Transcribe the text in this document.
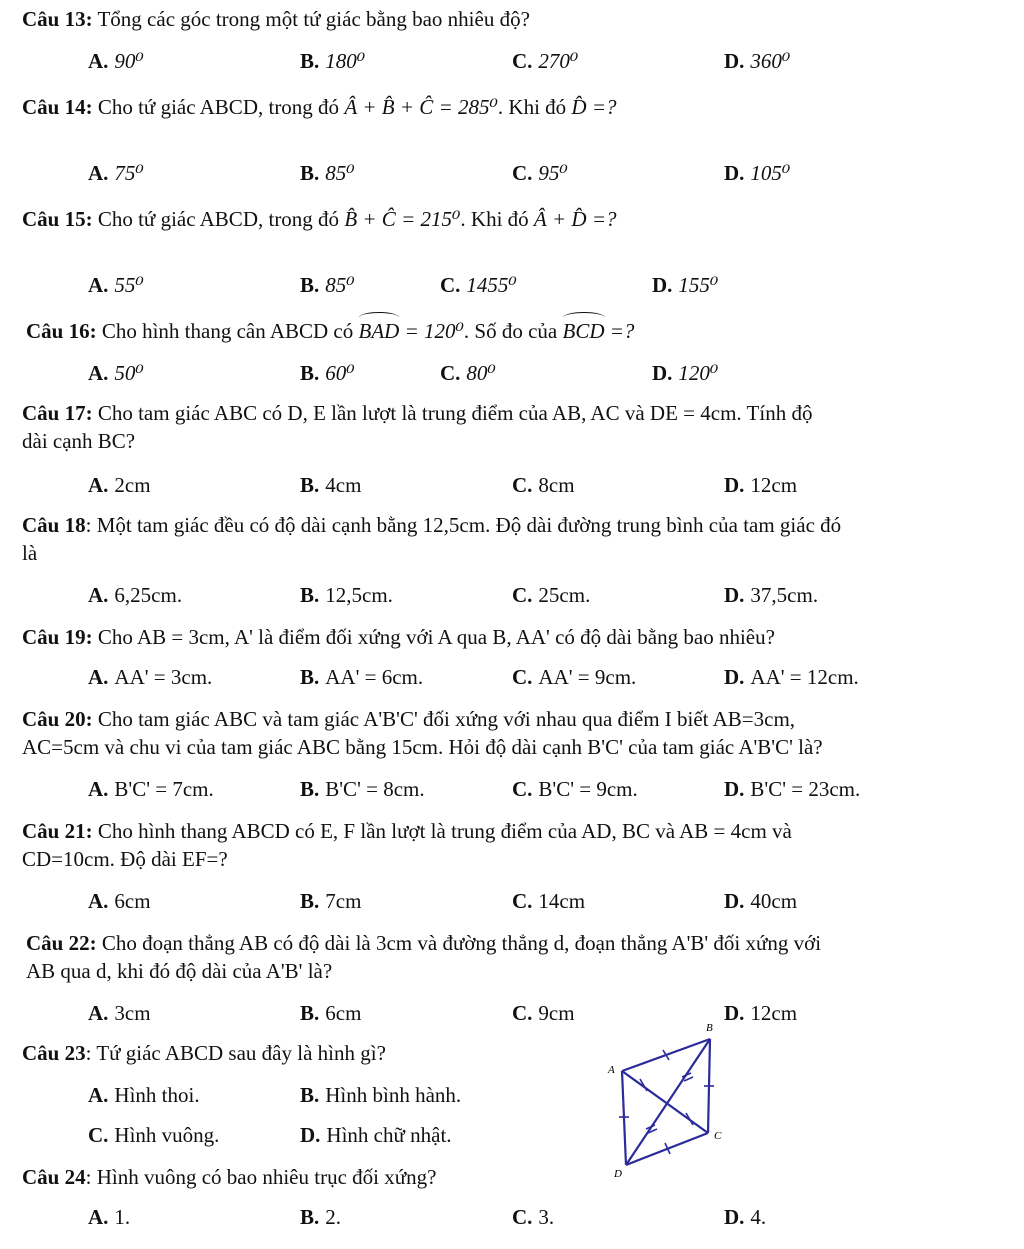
Câu 13: Tổng các góc trong một tứ giác bằng bao nhiêu độ?
A. 90⁰	B. 180⁰	C. 270⁰	D. 360⁰
Câu 14: Cho tứ giác ABCD, trong đó Â + B̂ + Ĉ = 285⁰. Khi đó D̂ =?
A. 75⁰	B. 85⁰	C. 95⁰	D. 105⁰
Câu 15: Cho tứ giác ABCD, trong đó B̂ + Ĉ = 215⁰. Khi đó Â + D̂ =?
A. 55⁰	B. 85⁰	C. 1455⁰	D. 155⁰
Câu 16: Cho hình thang cân ABCD có BAD = 120⁰. Số đo của BCD =?
A. 50⁰	B. 60⁰	C. 80⁰	D. 120⁰
Câu 17: Cho tam giác ABC có D, E lần lượt là trung điểm của AB, AC và DE = 4cm. Tính độ
dài cạnh BC?
A. 2cm	B. 4cm	C. 8cm	D. 12cm
Câu 18: Một tam giác đều có độ dài cạnh bằng 12,5cm. Độ dài đường trung bình của tam giác đó
là
A. 6,25cm.	B. 12,5cm.	C. 25cm.	D. 37,5cm.
Câu 19: Cho AB = 3cm, A' là điểm đối xứng với A qua B, AA' có độ dài bằng bao nhiêu?
A. AA' = 3cm.	B. AA' = 6cm.	C. AA' = 9cm.	D. AA' = 12cm.
Câu 20: Cho tam giác ABC và tam giác A'B'C' đối xứng với nhau qua điểm I biết AB=3cm,
AC=5cm và chu vi của tam giác ABC bằng 15cm. Hỏi độ dài cạnh B'C' của tam giác A'B'C' là?
A. B'C' = 7cm.	B. B'C' = 8cm.	C. B'C' = 9cm.	D. B'C' = 23cm.
Câu 21: Cho hình thang ABCD có E, F lần lượt là trung điểm của AD, BC và AB = 4cm và
CD=10cm. Độ dài EF=?
A. 6cm	B. 7cm	C. 14cm	D. 40cm
Câu 22: Cho đoạn thẳng AB có độ dài là 3cm và đường thẳng d, đoạn thẳng A'B' đối xứng với
AB qua d, khi đó độ dài của A'B' là?
A. 3cm	B. 6cm	C. 9cm	D. 12cm
Câu 23: Tứ giác ABCD sau đây là hình gì?
A. Hình thoi.	B. Hình bình hành.
C. Hình vuông.	D. Hình chữ nhật.
B
A
C
D
Câu 24: Hình vuông có bao nhiêu trục đối xứng?
A. 1.	B. 2.	C. 3.	D. 4.
